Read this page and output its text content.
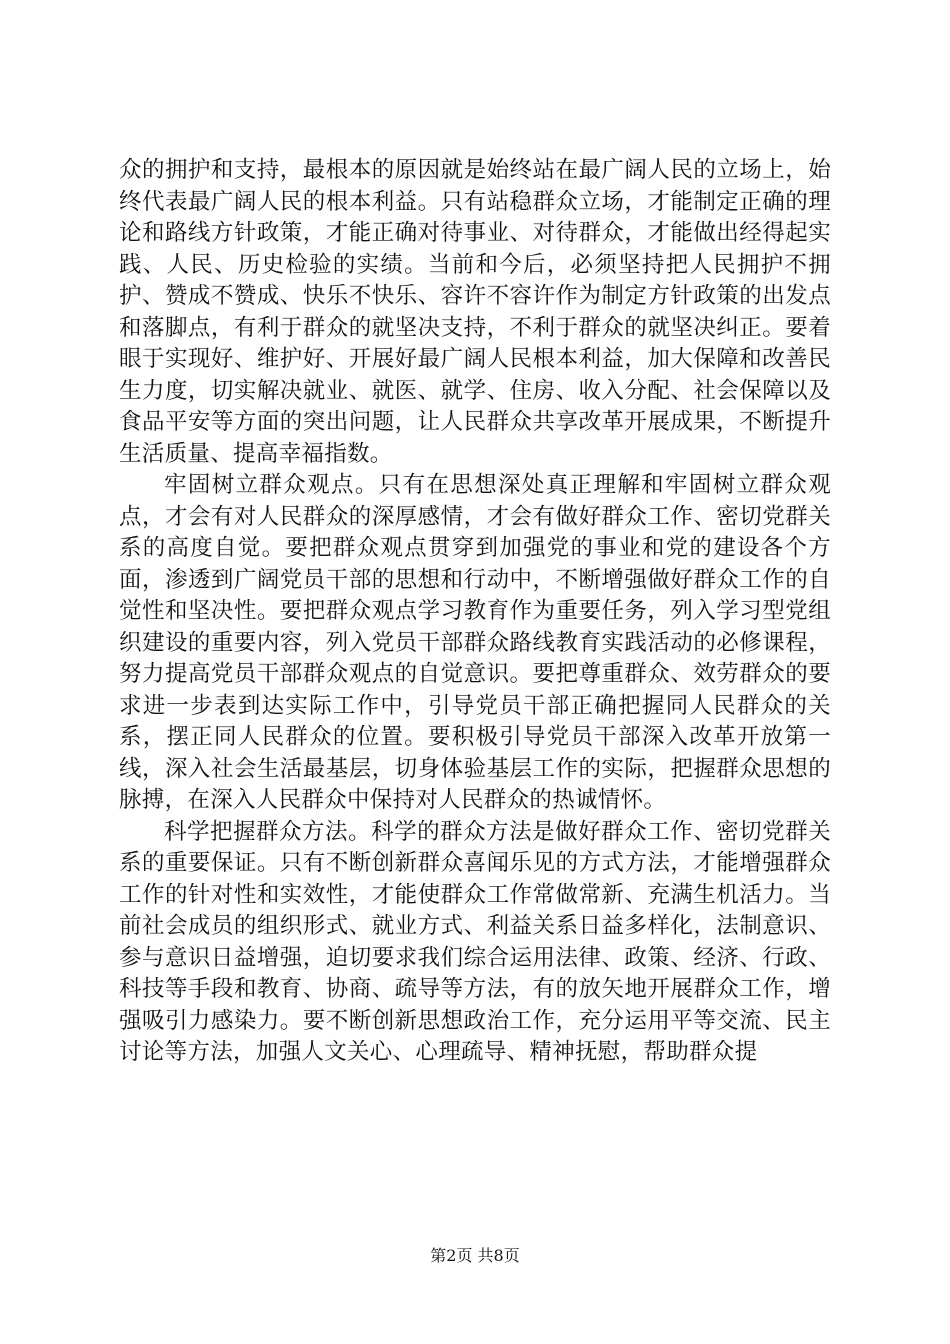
众的拥护和支持，最根本的原因就是始终站在最广阔人民的立场上，始终代表最广阔人民的根本利益。只有站稳群众立场，才能制定正确的理论和路线方针政策，才能正确对待事业、对待群众，才能做出经得起实践、人民、历史检验的实绩。当前和今后，必须坚持把人民拥护不拥护、赞成不赞成、快乐不快乐、容许不容许作为制定方针政策的出发点和落脚点，有利于群众的就坚决支持，不利于群众的就坚决纠正。要着眼于实现好、维护好、开展好最广阔人民根本利益，加大保障和改善民生力度，切实解决就业、就医、就学、住房、收入分配、社会保障以及食品平安等方面的突出问题，让人民群众共享改革开展成果，不断提升生活质量、提高幸福指数。

牢固树立群众观点。只有在思想深处真正理解和牢固树立群众观点，才会有对人民群众的深厚感情，才会有做好群众工作、密切党群关系的高度自觉。要把群众观点贯穿到加强党的事业和党的建设各个方面，渗透到广阔党员干部的思想和行动中，不断增强做好群众工作的自觉性和坚决性。要把群众观点学习教育作为重要任务，列入学习型党组织建设的重要内容，列入党员干部群众路线教育实践活动的必修课程，努力提高党员干部群众观点的自觉意识。要把尊重群众、效劳群众的要求进一步表到达实际工作中，引导党员干部正确把握同人民群众的关系，摆正同人民群众的位置。要积极引导党员干部深入改革开放第一线，深入社会生活最基层，切身体验基层工作的实际，把握群众思想的脉搏，在深入人民群众中保持对人民群众的热诚情怀。

科学把握群众方法。科学的群众方法是做好群众工作、密切党群关系的重要保证。只有不断创新群众喜闻乐见的方式方法，才能增强群众工作的针对性和实效性，才能使群众工作常做常新、充满生机活力。当前社会成员的组织形式、就业方式、利益关系日益多样化，法制意识、参与意识日益增强，迫切要求我们综合运用法律、政策、经济、行政、科技等手段和教育、协商、疏导等方法，有的放矢地开展群众工作，增强吸引力感染力。要不断创新思想政治工作，充分运用平等交流、民主讨论等方法，加强人文关心、心理疏导、精神抚慰，帮助群众提

第2页 共8页
